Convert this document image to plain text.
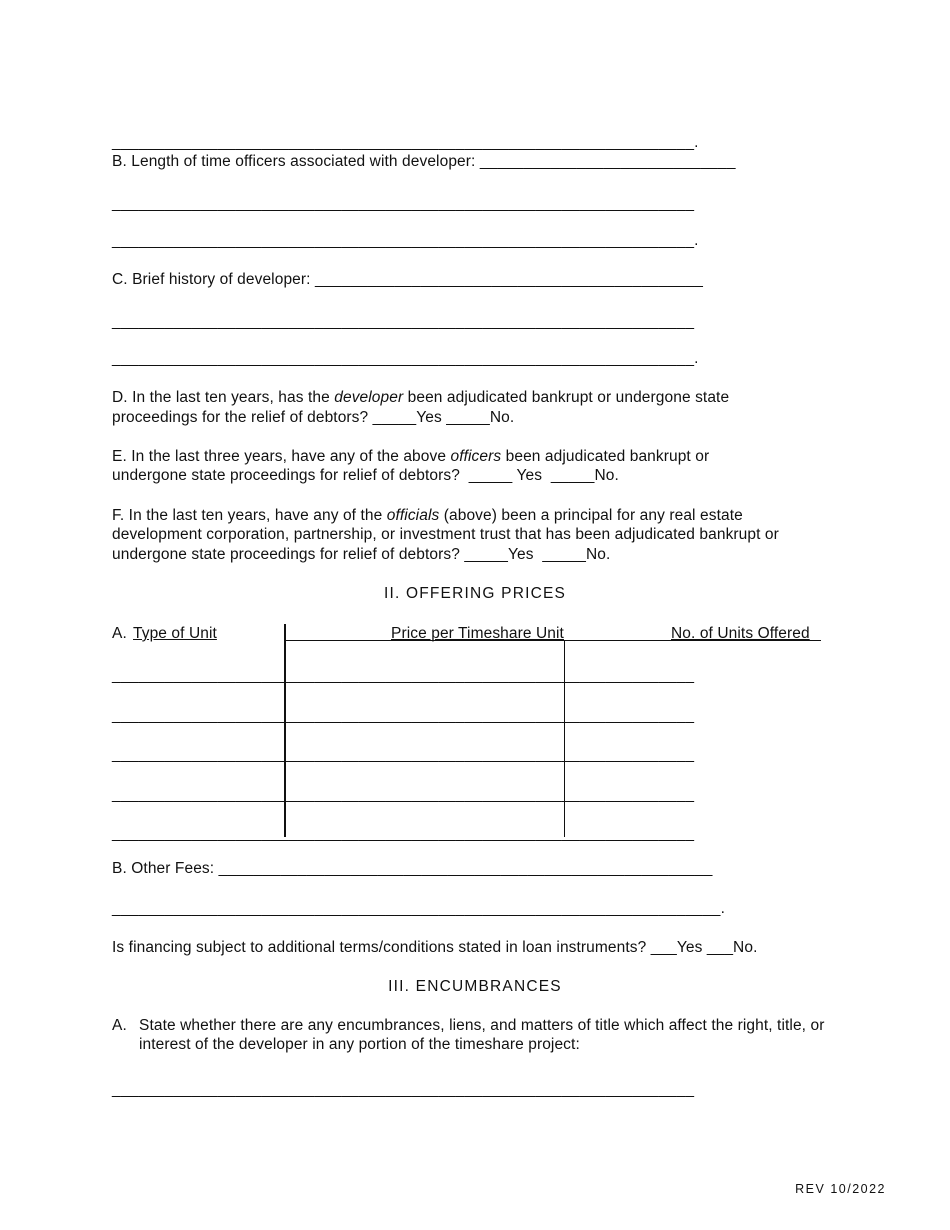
__________________________________________________________________.
B. Length of time officers associated with developer: _____________________________
__________________________________________________________________
__________________________________________________________________.
C. Brief history of developer: ____________________________________________
__________________________________________________________________
__________________________________________________________________.
D. In the last ten years, has the developer been adjudicated bankrupt or undergone state
proceedings for the relief of debtors? _____Yes _____No.
E. In the last three years, have any of the above officers been adjudicated bankrupt or
undergone state proceedings for relief of debtors?  _____ Yes  _____No.
F. In the last ten years, have any of the officials (above) been a principal for any real estate
development corporation, partnership, or investment trust that has been adjudicated bankrupt or
undergone state proceedings for relief of debtors? _____Yes  _____No.
II. OFFERING PRICES
A. Type of Unit	Price per Timeshare Unit	No. of Units Offered
__________________________________________________________________
__________________________________________________________________
__________________________________________________________________
__________________________________________________________________
__________________________________________________________________
B. Other Fees: ________________________________________________________
_____________________________________________________________________.
Is financing subject to additional terms/conditions stated in loan instruments? ___Yes ___No.
III. ENCUMBRANCES
A. State whether there are any encumbrances, liens, and matters of title which affect the right, title, or interest of the developer in any portion of the timeshare project:
__________________________________________________________________
REV 10/2022
